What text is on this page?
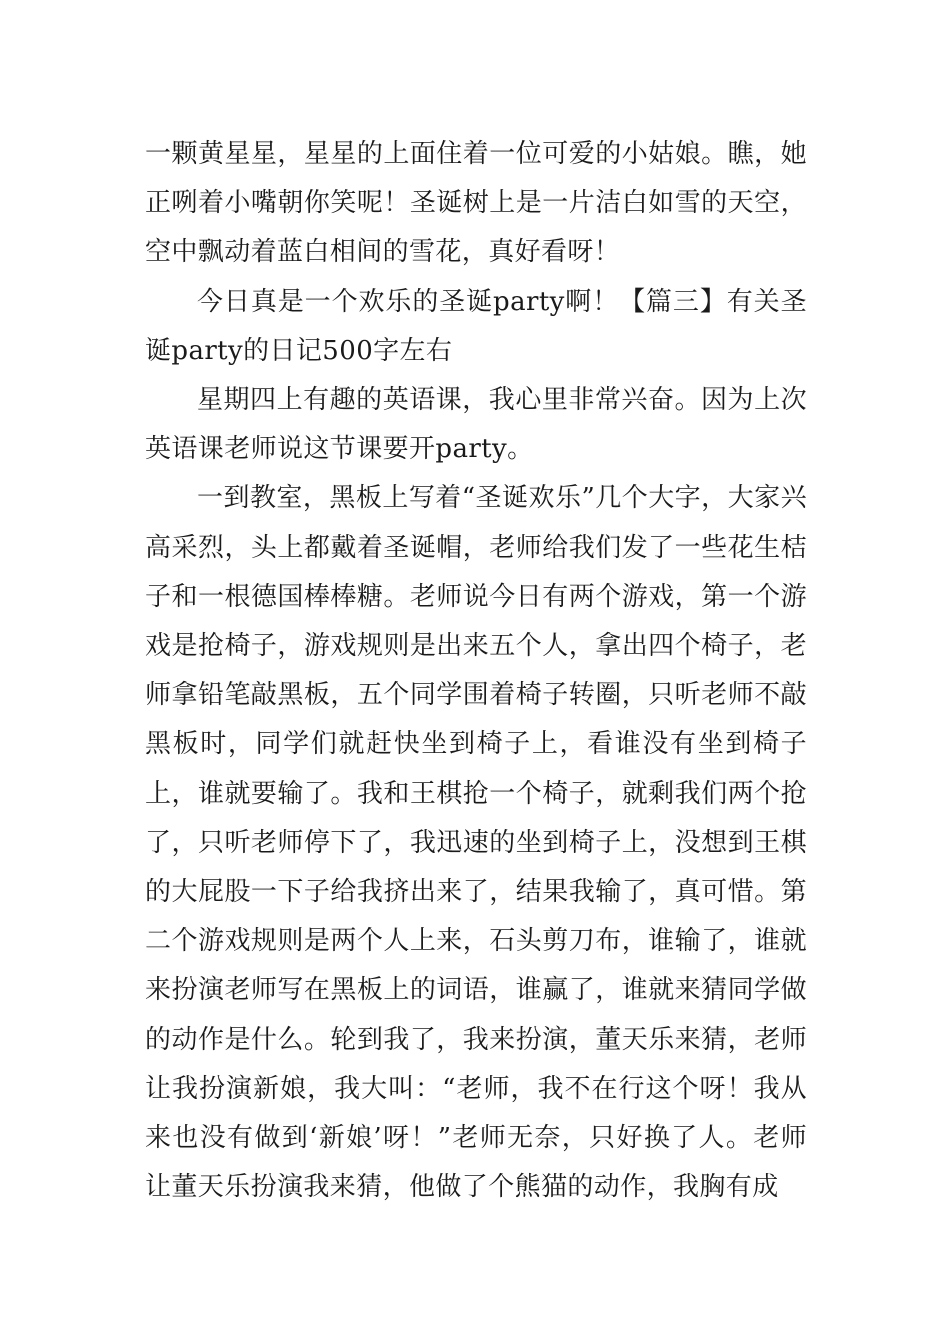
一颗黄星星，星星的上面住着一位可爱的小姑娘。瞧，她正咧着小嘴朝你笑呢！圣诞树上是一片洁白如雪的天空，空中飘动着蓝白相间的雪花，真好看呀！

今日真是一个欢乐的圣诞party啊！【篇三】有关圣诞party的日记500字左右

星期四上有趣的英语课，我心里非常兴奋。因为上次英语课老师说这节课要开party。

一到教室，黑板上写着“圣诞欢乐”几个大字，大家兴高采烈，头上都戴着圣诞帽，老师给我们发了一些花生桔子和一根德国棒棒糖。老师说今日有两个游戏，第一个游戏是抢椅子，游戏规则是出来五个人，拿出四个椅子，老师拿铅笔敲黑板，五个同学围着椅子转圈，只听老师不敲黑板时，同学们就赶快坐到椅子上，看谁没有坐到椅子上，谁就要输了。我和王棋抢一个椅子，就剩我们两个抢了，只听老师停下了，我迅速的坐到椅子上，没想到王棋的大屁股一下子给我挤出来了，结果我输了，真可惜。第二个游戏规则是两个人上来，石头剪刀布，谁输了，谁就来扮演老师写在黑板上的词语，谁赢了，谁就来猜同学做的动作是什么。轮到我了，我来扮演，董天乐来猜，老师让我扮演新娘，我大叫：“老师，我不在行这个呀！我从来也没有做到‘新娘’呀！”老师无奈，只好换了人。老师让董天乐扮演我来猜，他做了个熊猫的动作，我胸有成
